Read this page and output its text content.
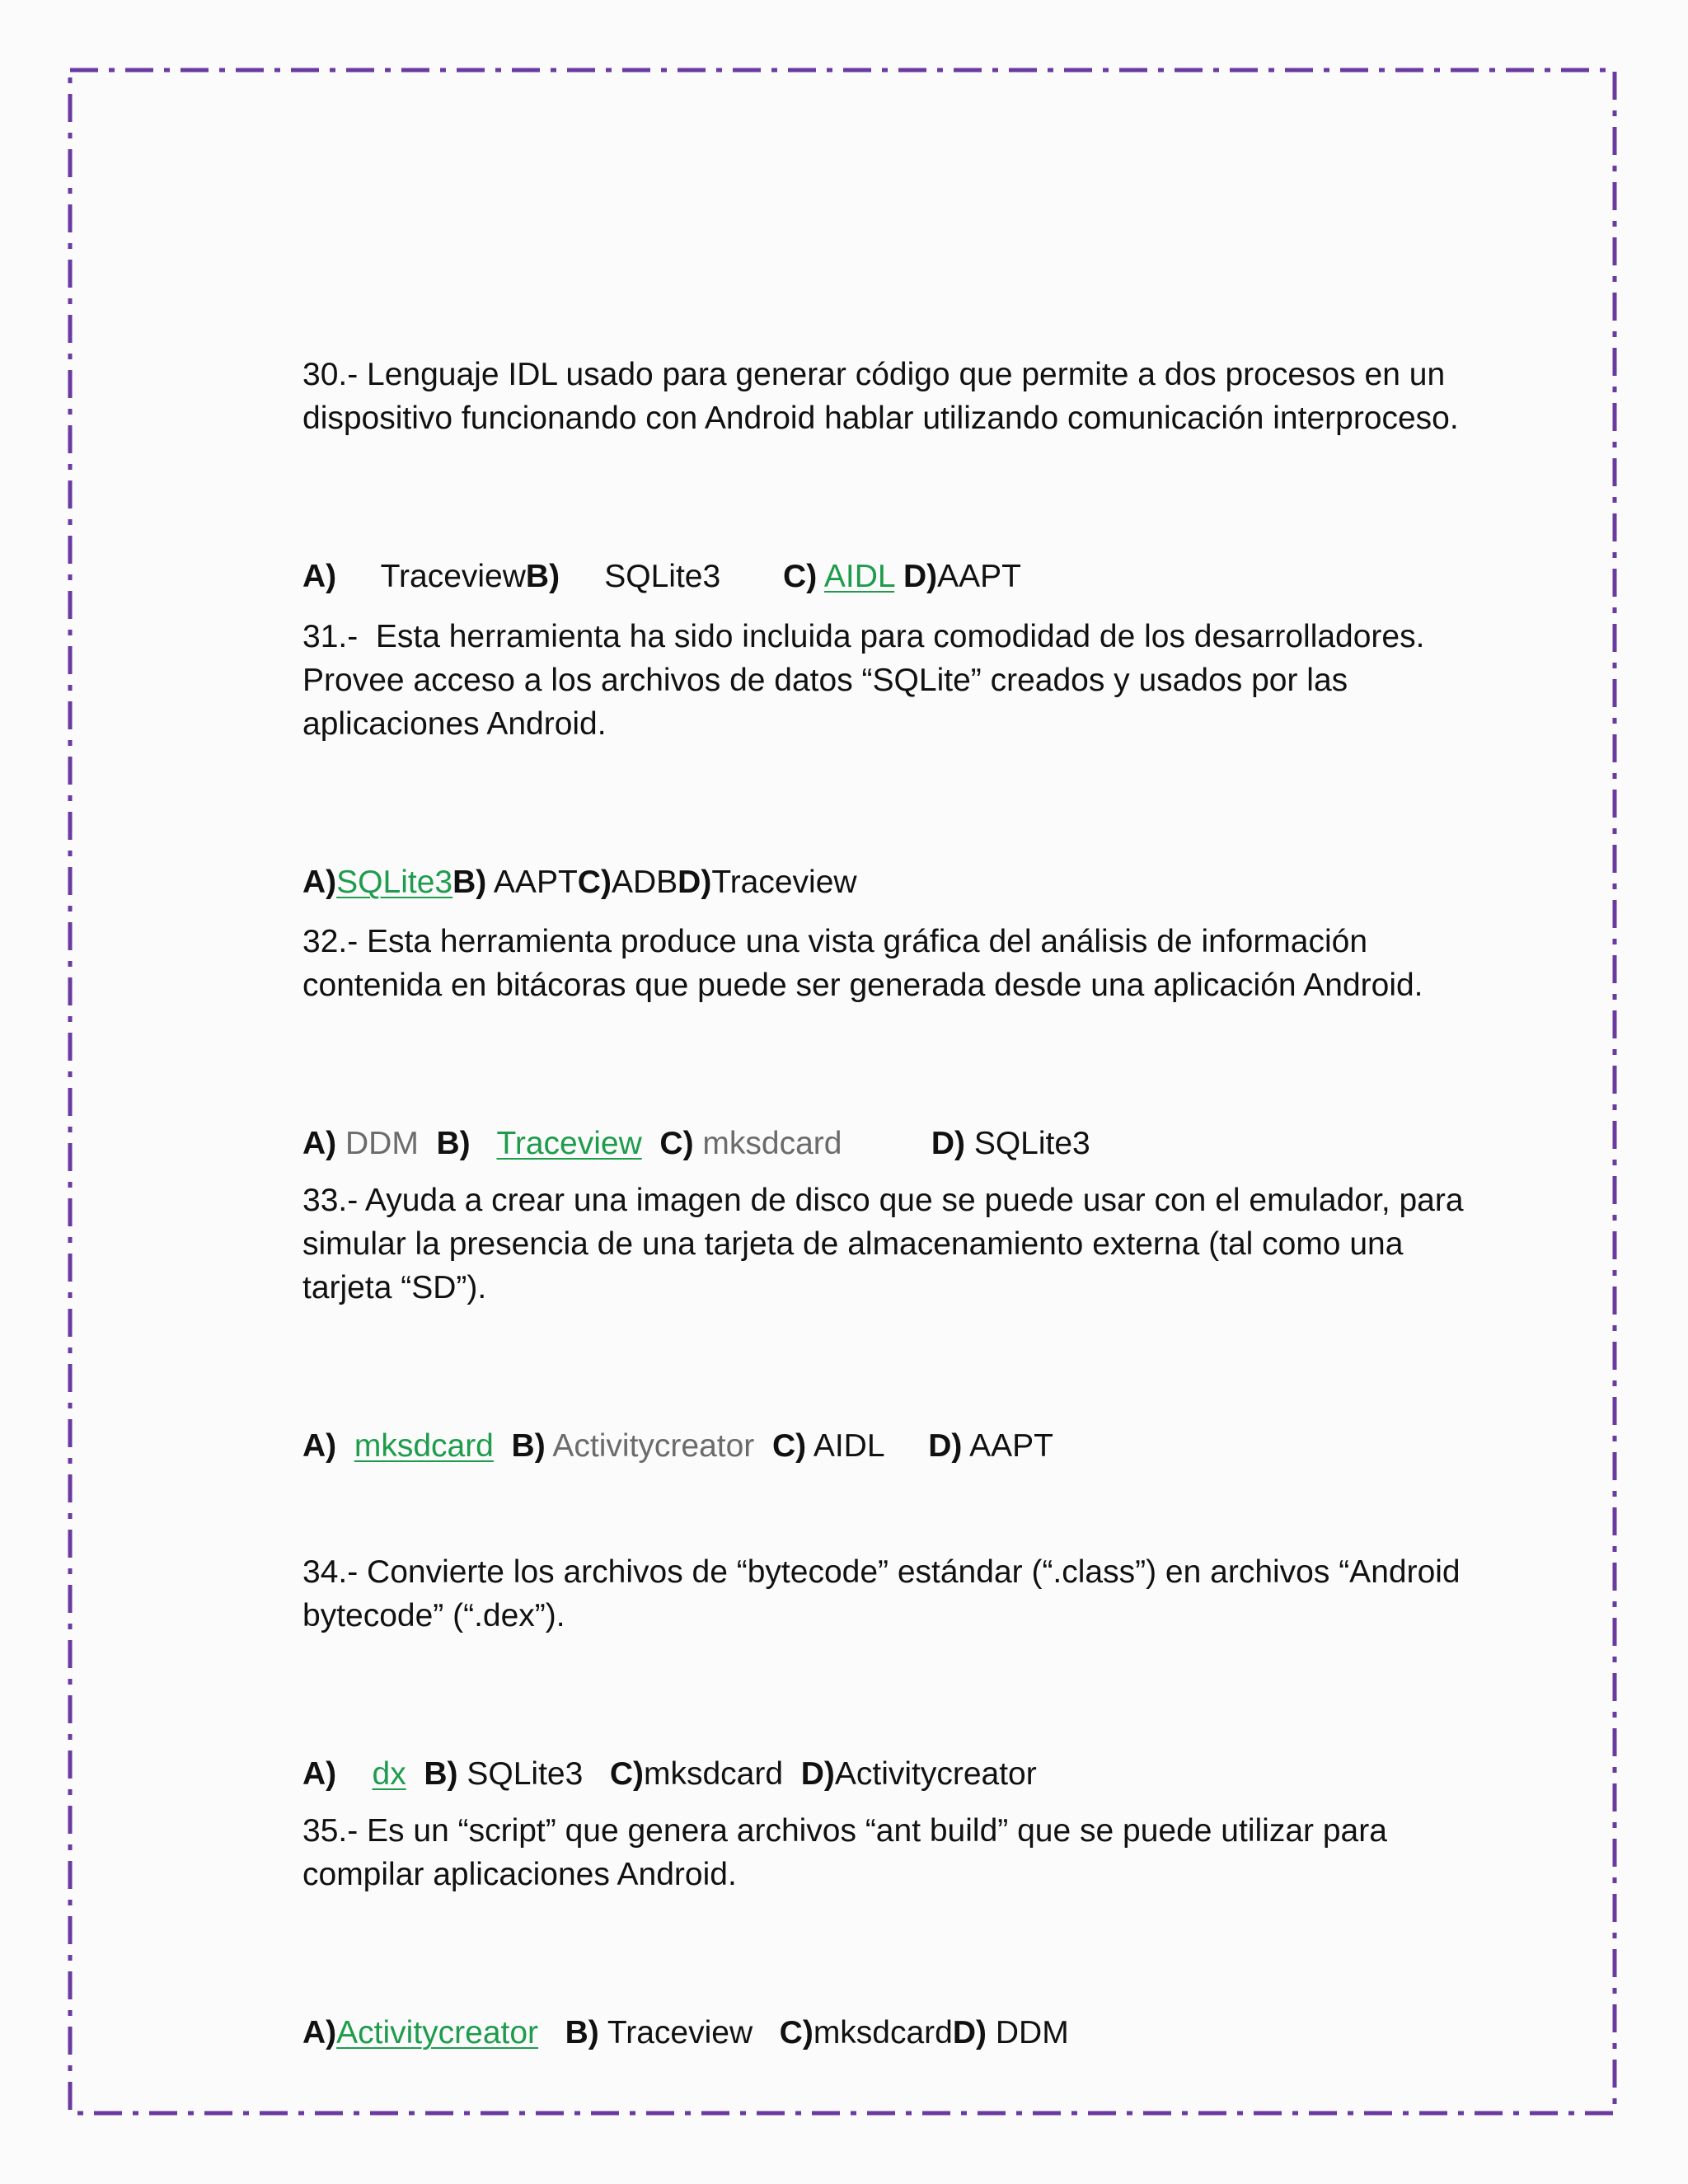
30.- Lenguaje IDL usado para generar código que permite a dos procesos en un
dispositivo funcionando con Android hablar utilizando comunicación interproceso.

A) TraceviewB) SQLite3 C) AIDL D)AAPT

31.-  Esta herramienta ha sido incluida para comodidad de los desarrolladores.
Provee acceso a los archivos de datos “SQLite” creados y usados por las
aplicaciones Android.

A)SQLite3B) AAPTC)ADBD)Traceview

32.- Esta herramienta produce una vista gráfica del análisis de información
contenida en bitácoras que puede ser generada desde una aplicación Android.

A) DDM B) Traceview C) mksdcard	D) SQLite3

33.- Ayuda a crear una imagen de disco que se puede usar con el emulador, para
simular la presencia de una tarjeta de almacenamiento externa (tal como una
tarjeta “SD”).

A) mksdcard B) Activitycreator C) AIDL D) AAPT

34.- Convierte los archivos de “bytecode” estándar (“.class”) en archivos “Android
bytecode” (“.dex”).

A) dx B) SQLite3 C)mksdcard D)Activitycreator

35.- Es un “script” que genera archivos “ant build” que se puede utilizar para
compilar aplicaciones Android.

A)Activitycreator B) Traceview C)mksdcardD) DDM
